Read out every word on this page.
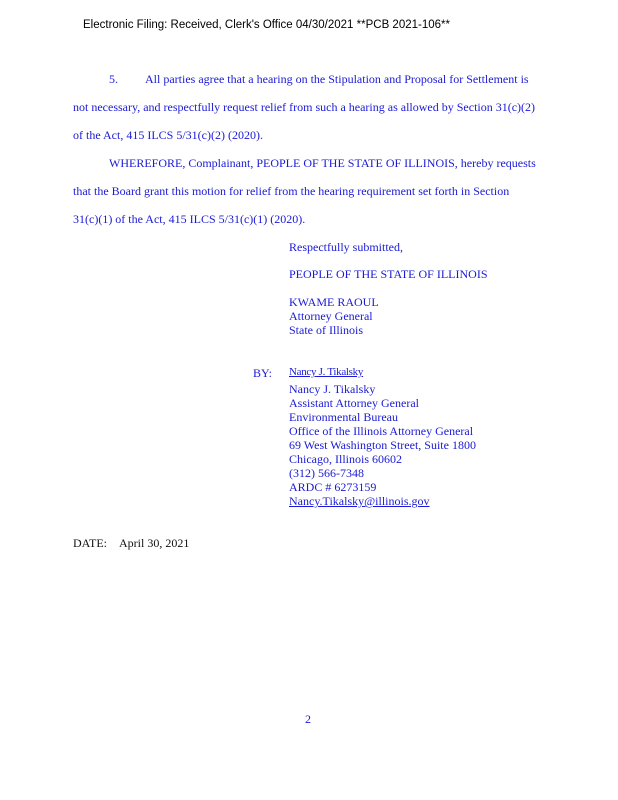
Electronic Filing: Received, Clerk's Office 04/30/2021 **PCB 2021-106**
5. All parties agree that a hearing on the Stipulation and Proposal for Settlement is
not necessary, and respectfully request relief from such a hearing as allowed by Section 31(c)(2)
of the Act, 415 ILCS 5/31(c)(2) (2020).
WHEREFORE, Complainant, PEOPLE OF THE STATE OF ILLINOIS, hereby requests
that the Board grant this motion for relief from the hearing requirement set forth in Section
31(c)(1) of the Act, 415 ILCS 5/31(c)(1) (2020).
Respectfully submitted,
PEOPLE OF THE STATE OF ILLINOIS
KWAME RAOUL
Attorney General
State of Illinois
BY: Nancy J. Tikalsky
Nancy J. Tikalsky
Assistant Attorney General
Environmental Bureau
Office of the Illinois Attorney General
69 West Washington Street, Suite 1800
Chicago, Illinois 60602
(312) 566-7348
ARDC # 6273159
Nancy.Tikalsky@illinois.gov
DATE: April 30, 2021
2
